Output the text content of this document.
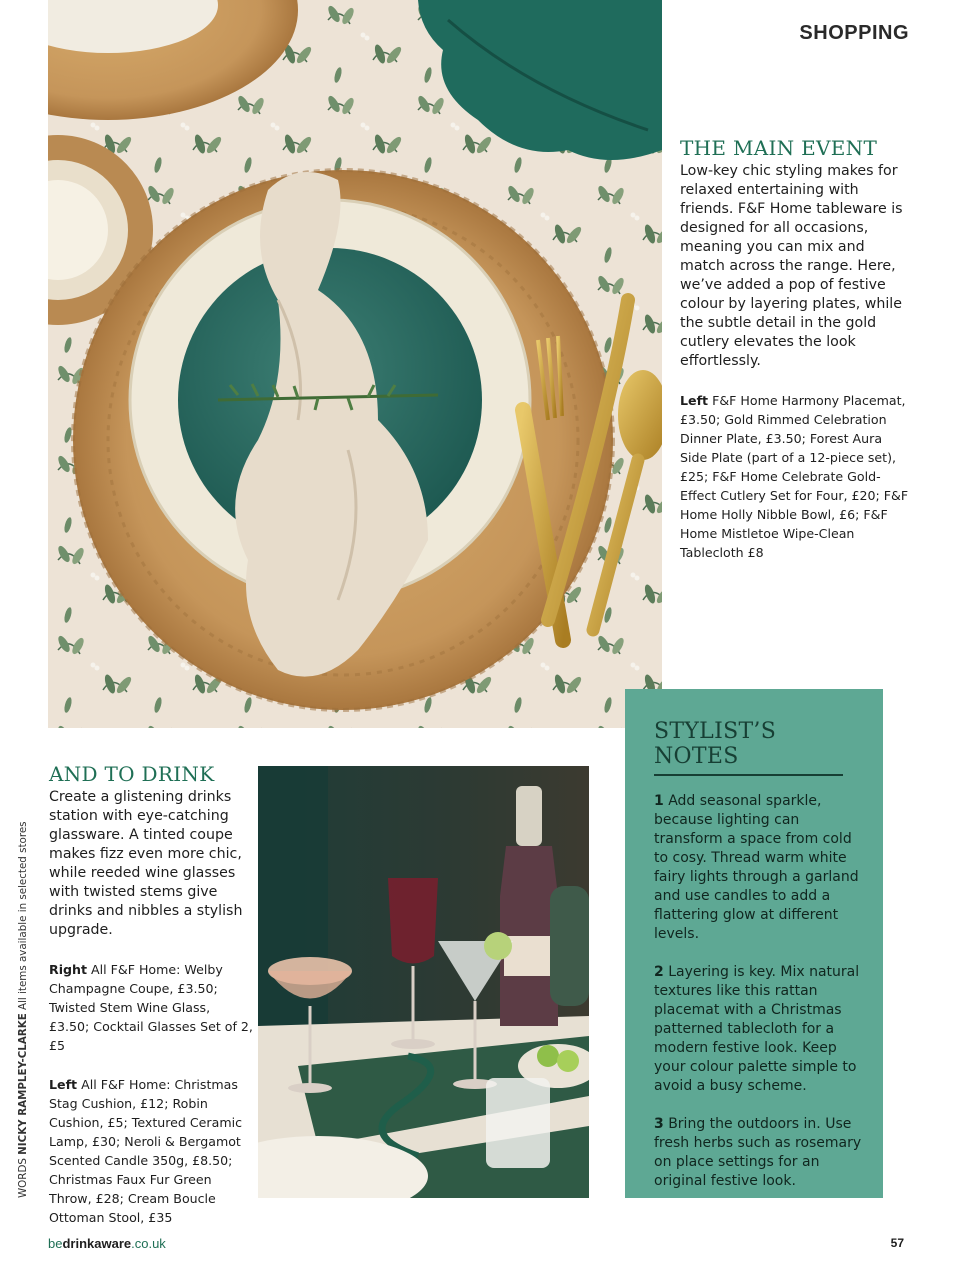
SHOPPING
THE MAIN EVENT
Low-key chic styling makes for relaxed entertaining with friends. F&F Home tableware is designed for all occasions, meaning you can mix and match across the range. Here, we’ve added a pop of festive colour by layering plates, while the subtle detail in the gold cutlery elevates the look effortlessly.
Left F&F Home Harmony Placemat, £3.50; Gold Rimmed Celebration Dinner Plate, £3.50; Forest Aura Side Plate (part of a 12-piece set), £25; F&F Home Celebrate Gold-Effect Cutlery Set for Four, £20; F&F Home Holly Nibble Bowl, £6; F&F Home Mistletoe Wipe-Clean Tablecloth £8
AND TO DRINK
Create a glistening drinks station with eye-catching glassware. A tinted coupe makes fizz even more chic, while reeded wine glasses with twisted stems give drinks and nibbles a stylish upgrade.
Right All F&F Home: Welby Champagne Coupe, £3.50; Twisted Stem Wine Glass, £3.50; Cocktail Glasses Set of 2, £5
Left All F&F Home: Christmas Stag Cushion, £12; Robin Cushion, £5; Textured Ceramic Lamp, £30; Neroli & Bergamot Scented Candle 350g, £8.50; Christmas Faux Fur Green Throw, £28; Cream Boucle Ottoman Stool, £35
STYLIST’S NOTES
1 Add seasonal sparkle, because lighting can transform a space from cold to cosy. Thread warm white fairy lights through a garland and use candles to add a flattering glow at different levels.
2 Layering is key. Mix natural textures like this rattan placemat with a Christmas patterned tablecloth for a modern festive look. Keep your colour palette simple to avoid a busy scheme.
3 Bring the outdoors in. Use fresh herbs such as rosemary on place settings for an original festive look.
WORDS NICKY RAMPLEY-CLARKE All items available in selected stores
bedrinkaware.co.uk	57
